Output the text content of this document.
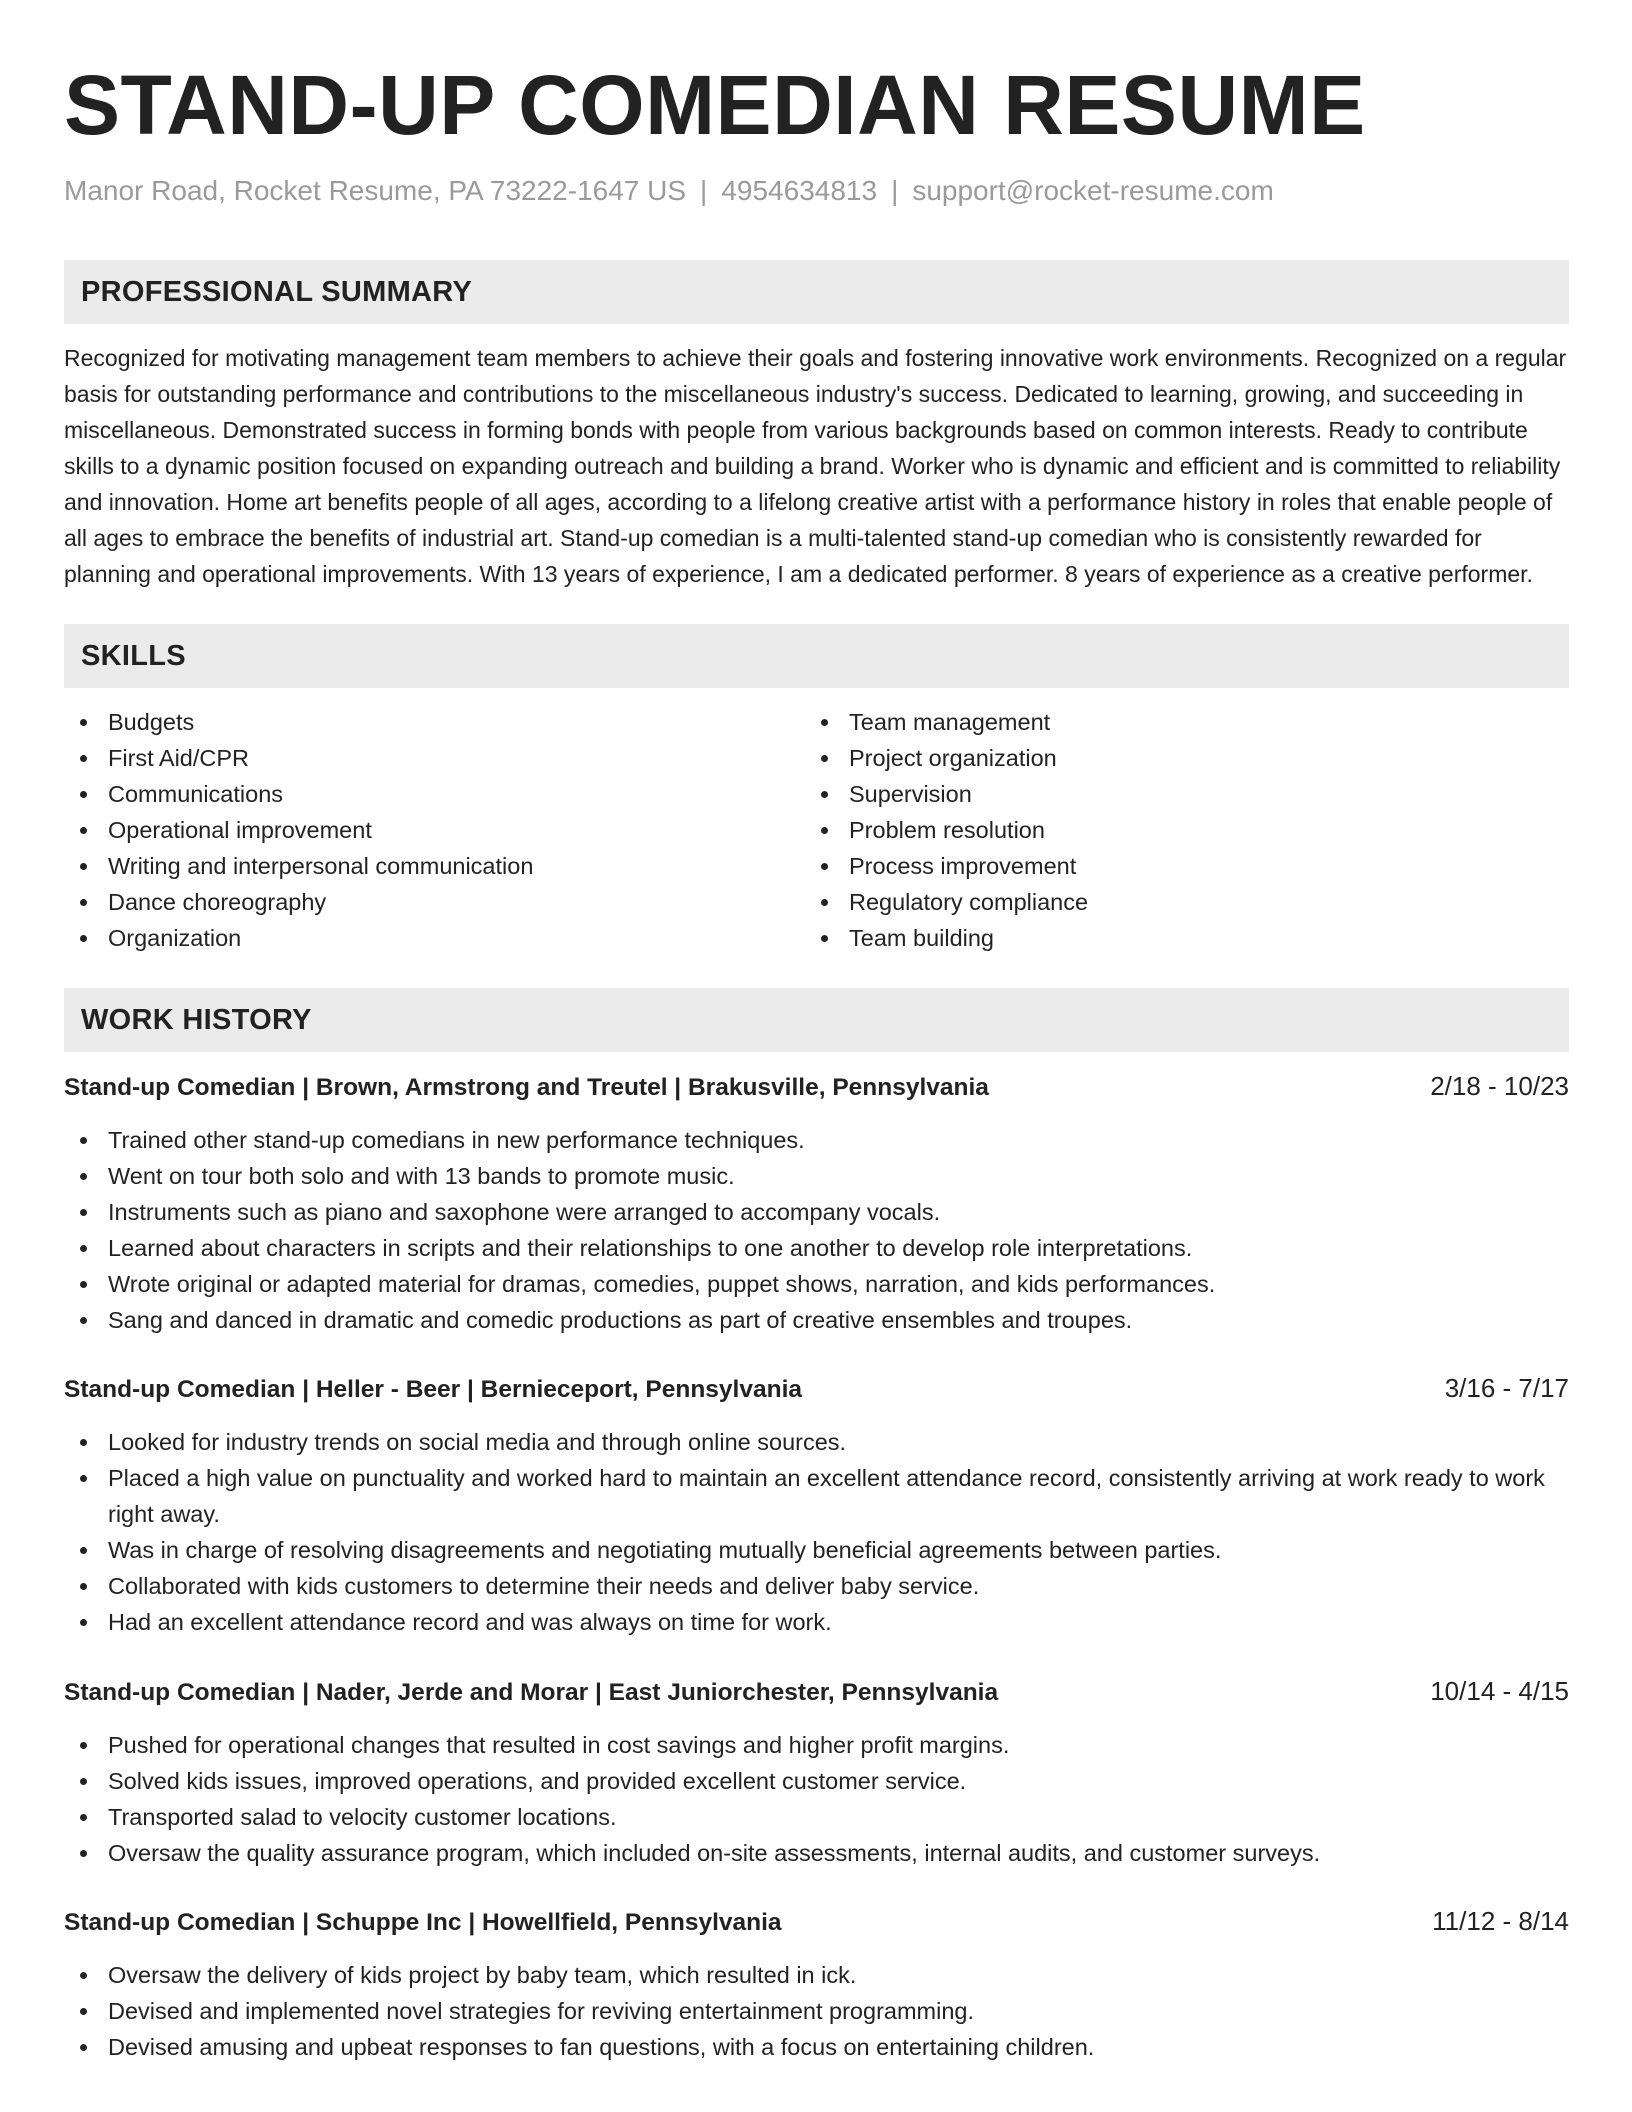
STAND-UP COMEDIAN RESUME
Manor Road, Rocket Resume, PA 73222-1647 US | 4954634813 | support@rocket-resume.com
PROFESSIONAL SUMMARY

Recognized for motivating management team members to achieve their goals and fostering innovative work environments. Recognized on a regular basis for outstanding performance and contributions to the miscellaneous industry's success. Dedicated to learning, growing, and succeeding in miscellaneous. Demonstrated success in forming bonds with people from various backgrounds based on common interests. Ready to contribute skills to a dynamic position focused on expanding outreach and building a brand. Worker who is dynamic and efficient and is committed to reliability and innovation. Home art benefits people of all ages, according to a lifelong creative artist with a performance history in roles that enable people of all ages to embrace the benefits of industrial art. Stand-up comedian is a multi-talented stand-up comedian who is consistently rewarded for planning and operational improvements. With 13 years of experience, I am a dedicated performer. 8 years of experience as a creative performer.

SKILLS
Budgets
First Aid/CPR
Communications
Operational improvement
Writing and interpersonal communication
Dance choreography
Organization
Team management
Project organization
Supervision
Problem resolution
Process improvement
Regulatory compliance
Team building
WORK HISTORY
Stand-up Comedian | Brown, Armstrong and Treutel | Brakusville, Pennsylvania	2/18 - 10/23
Trained other stand-up comedians in new performance techniques.
Went on tour both solo and with 13 bands to promote music.
Instruments such as piano and saxophone were arranged to accompany vocals.
Learned about characters in scripts and their relationships to one another to develop role interpretations.
Wrote original or adapted material for dramas, comedies, puppet shows, narration, and kids performances.
Sang and danced in dramatic and comedic productions as part of creative ensembles and troupes.
Stand-up Comedian | Heller - Beer | Bernieceport, Pennsylvania	3/16 - 7/17
Looked for industry trends on social media and through online sources.
Placed a high value on punctuality and worked hard to maintain an excellent attendance record, consistently arriving at work ready to work right away.
Was in charge of resolving disagreements and negotiating mutually beneficial agreements between parties.
Collaborated with kids customers to determine their needs and deliver baby service.
Had an excellent attendance record and was always on time for work.
Stand-up Comedian | Nader, Jerde and Morar | East Juniorchester, Pennsylvania	10/14 - 4/15
Pushed for operational changes that resulted in cost savings and higher profit margins.
Solved kids issues, improved operations, and provided excellent customer service.
Transported salad to velocity customer locations.
Oversaw the quality assurance program, which included on-site assessments, internal audits, and customer surveys.
Stand-up Comedian | Schuppe Inc | Howellfield, Pennsylvania	11/12 - 8/14
Oversaw the delivery of kids project by baby team, which resulted in ick.
Devised and implemented novel strategies for reviving entertainment programming.
Devised amusing and upbeat responses to fan questions, with a focus on entertaining children.
